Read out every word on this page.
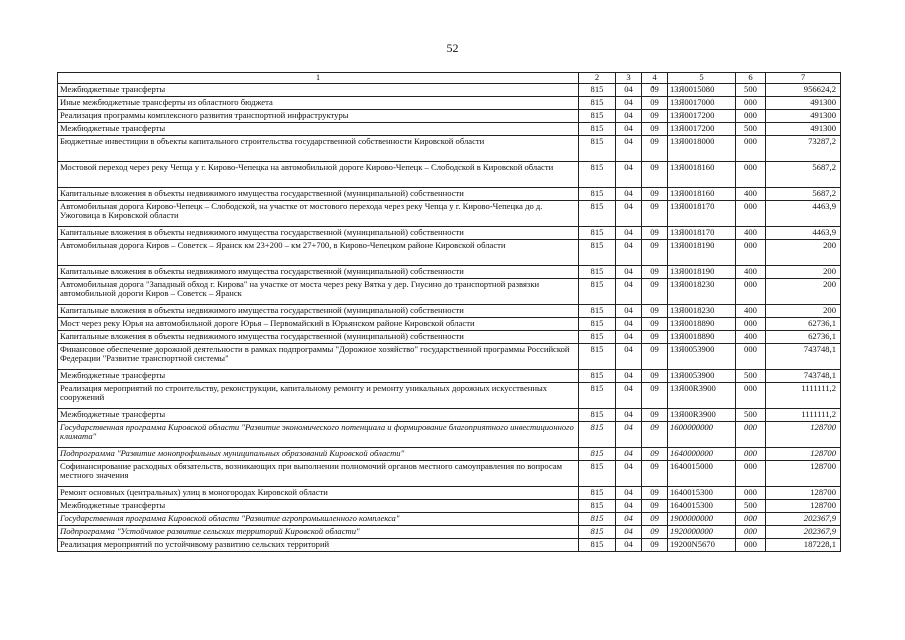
52
1	2	3	4	5	6	7
Межбюджетные трансферты	815	04	09	13Я0015080	500	956624,2
Иные межбюджетные трансферты из областного бюджета	815	04	09	13Я0017000	000	491300
Реализация программы комплексного развития транспортной инфраструктуры	815	04	09	13Я0017200	000	491300
Межбюджетные трансферты	815	04	09	13Я0017200	500	491300
Бюджетные инвестиции в объекты капитального строительства государственной собственности Кировской области	815	04	09	13Я0018000	000	73287,2
Мостовой переход через реку Чепца у г. Кирово-Чепецка на автомобильной дороге Кирово-Чепецк – Слободской в Кировской области	815	04	09	13Я0018160	000	5687,2
Капитальные вложения в объекты недвижимого имущества государственной (муниципальной) собственности	815	04	09	13Я0018160	400	5687,2
Автомобильная дорога Кирово-Чепецк – Слободской, на участке от мостового перехода через реку Чепца у г. Кирово-Чепецка до д. Ужоговица в Кировской области	815	04	09	13Я0018170	000	4463,9
Капитальные вложения в объекты недвижимого имущества государственной (муниципальной) собственности	815	04	09	13Я0018170	400	4463,9
Автомобильная дорога Киров – Советск – Яранск км 23+200 – км 27+700, в Кирово-Чепецком районе Кировской области	815	04	09	13Я0018190	000	200
Капитальные вложения в объекты недвижимого имущества государственной (муниципальной) собственности	815	04	09	13Я0018190	400	200
Автомобильная дорога "Западный обход г. Кирова" на участке от моста через реку Вятка у дер. Гнусино до транспортной развязки автомобильной дороги Киров – Советск – Яранск	815	04	09	13Я0018230	000	200
Капитальные вложения в объекты недвижимого имущества государственной (муниципальной) собственности	815	04	09	13Я0018230	400	200
Мост через реку Юрья на автомобильной дороге Юрья – Первомайский в Юрьянском районе Кировской области	815	04	09	13Я0018890	000	62736,1
Капитальные вложения в объекты недвижимого имущества государственной (муниципальной) собственности	815	04	09	13Я0018890	400	62736,1
Финансовое обеспечение дорожной деятельности в рамках подпрограммы "Дорожное хозяйство" государственной программы Российской Федерации "Развитие транспортной системы"	815	04	09	13Я0053900	000	743748,1
Межбюджетные трансферты	815	04	09	13Я0053900	500	743748,1
Реализация мероприятий по строительству, реконструкции, капитальному ремонту и ремонту уникальных дорожных искусственных сооружений	815	04	09	13Я00R3900	000	1111111,2
Межбюджетные трансферты	815	04	09	13Я00R3900	500	1111111,2
Государственная программа Кировской области "Развитие экономического потенциала и формирование благоприятного инвестиционного климата"	815	04	09	1600000000	000	128700
Подпрограмма "Развитие монопрофильных муниципальных образований Кировской области"	815	04	09	1640000000	000	128700
Софинансирование расходных обязательств, возникающих при выполнении полномочий органов местного самоуправления по вопросам местного значения	815	04	09	1640015000	000	128700
Ремонт основных (центральных) улиц в моногородах Кировской области	815	04	09	1640015300	000	128700
Межбюджетные трансферты	815	04	09	1640015300	500	128700
Государственная программа Кировской области "Развитие агропромышленного комплекса"	815	04	09	1900000000	000	202367,9
Подпрограмма "Устойчивое развитие сельских территорий Кировской области"	815	04	09	1920000000	000	202367,9
Реализация мероприятий по устойчивому развитию сельских территорий	815	04	09	19200N5670	000	187228,1
